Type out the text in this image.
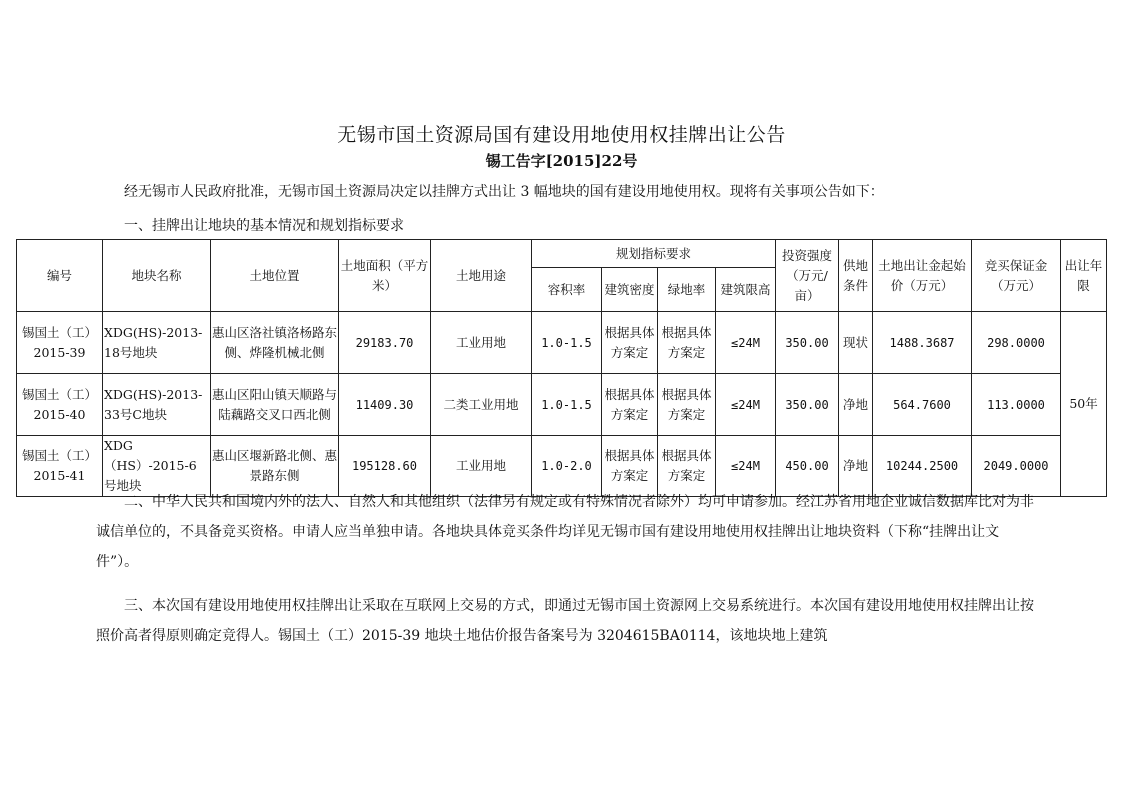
无锡市国土资源局国有建设用地使用权挂牌出让公告
锡工告字[2015]22号

经无锡市人民政府批准，无锡市国土资源局决定以挂牌方式出让 3 幅地块的国有建设用地使用权。现将有关事项公告如下：

一、挂牌出让地块的基本情况和规划指标要求

编号	地块名称	土地位置	土地面积（平方米）	土地用途	规划指标要求				投资强度（万元/亩）	供地条件	土地出让金起始价（万元）	竞买保证金（万元）	出让年限
					容积率	建筑密度	绿地率	建筑限高					
锡国土（工）2015-39	XDG(HS)-2013-18号地块	惠山区洛社镇洛杨路东侧、烨隆机械北侧	29183.70	工业用地	1.0-1.5	根据具体方案定	根据具体方案定	≤24M	350.00	现状	1488.3687	298.0000	50年
锡国土（工）2015-40	XDG(HS)-2013-33号C地块	惠山区阳山镇天顺路与陆藕路交叉口西北侧	11409.30	二类工业用地	1.0-1.5	根据具体方案定	根据具体方案定	≤24M	350.00	净地	564.7600	113.0000	
锡国土（工）2015-41	XDG（HS）-2015-6号地块	惠山区堰新路北侧、惠景路东侧	195128.60	工业用地	1.0-2.0	根据具体方案定	根据具体方案定	≤24M	450.00	净地	10244.2500	2049.0000	

二、中华人民共和国境内外的法人、自然人和其他组织（法律另有规定或有特殊情况者除外）均可申请参加。经江苏省用地企业诚信数据库比对为非诚信单位的，不具备竞买资格。申请人应当单独申请。各地块具体竞买条件均详见无锡市国有建设用地使用权挂牌出让地块资料（下称“挂牌出让文件”）。

三、本次国有建设用地使用权挂牌出让采取在互联网上交易的方式，即通过无锡市国土资源网上交易系统进行。本次国有建设用地使用权挂牌出让按照价高者得原则确定竞得人。锡国土（工）2015-39 地块土地估价报告备案号为 3204615BA0114，该地块地上建筑
